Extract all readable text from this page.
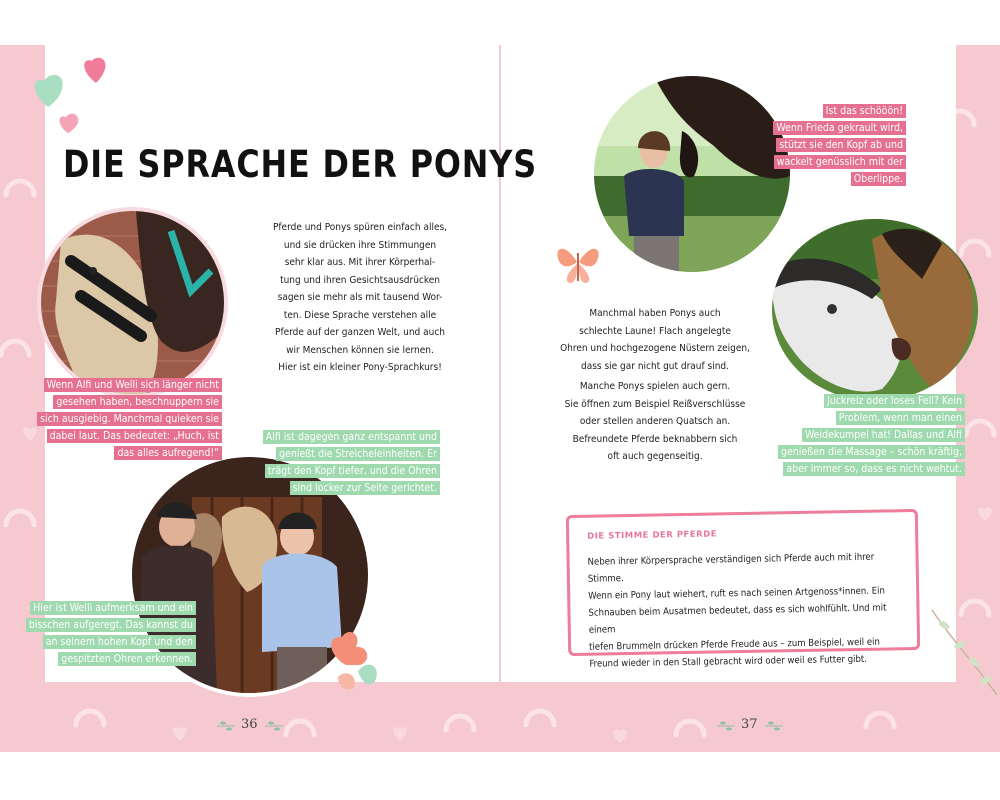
DIE SPRACHE DER PONYS
Pferde und Ponys spüren einfach alles,
und sie drücken ihre Stimmungen
sehr klar aus. Mit ihrer Körperhal-
tung und ihren Gesichtsausdrücken
sagen sie mehr als mit tausend Wor-
ten. Diese Sprache verstehen alle
Pferde auf der ganzen Welt, und auch
wir Menschen können sie lernen.
Hier ist ein kleiner Pony-Sprachkurs!
Wenn Alfi und Welli sich länger nicht
gesehen haben, beschnuppern sie
sich ausgiebig. Manchmal quieken sie
dabei laut. Das bedeutet: „Huch, ist
das alles aufregend!“
Alfi ist dagegen ganz entspannt und
genießt die Streicheleinheiten. Er
trägt den Kopf tiefer, und die Ohren
sind locker zur Seite gerichtet.
Hier ist Welli aufmerksam und ein
bisschen aufgeregt. Das kannst du
an seinem hohen Kopf und den
gespitzten Ohren erkennen.
Ist das schööön!
Wenn Frieda gekrault wird,
stützt sie den Kopf ab und
wackelt genüsslich mit der
Oberlippe.
Juckreiz oder loses Fell? Kein
Problem, wenn man einen
Weidekumpel hat! Dallas und Alfi
genießen die Massage – schön kräftig,
aber immer so, dass es nicht wehtut.
Manchmal haben Ponys auch
schlechte Laune! Flach angelegte
Ohren und hochgezogene Nüstern zeigen,
dass sie gar nicht gut drauf sind.
Manche Ponys spielen auch gern.
Sie öffnen zum Beispiel Reißverschlüsse
oder stellen anderen Quatsch an.
Befreundete Pferde beknabbern sich
oft auch gegenseitig.

DIE STIMME DER PFERDE

Neben ihrer Körpersprache verständigen sich Pferde auch mit ihrer Stimme.
Wenn ein Pony laut wiehert, ruft es nach seinen Artgenoss*innen. Ein
Schnauben beim Ausatmen bedeutet, dass es sich wohlfühlt. Und mit einem
tiefen Brummeln drücken Pferde Freude aus – zum Beispiel, weil ein
Freund wieder in den Stall gebracht wird oder weil es Futter gibt.
36	37
